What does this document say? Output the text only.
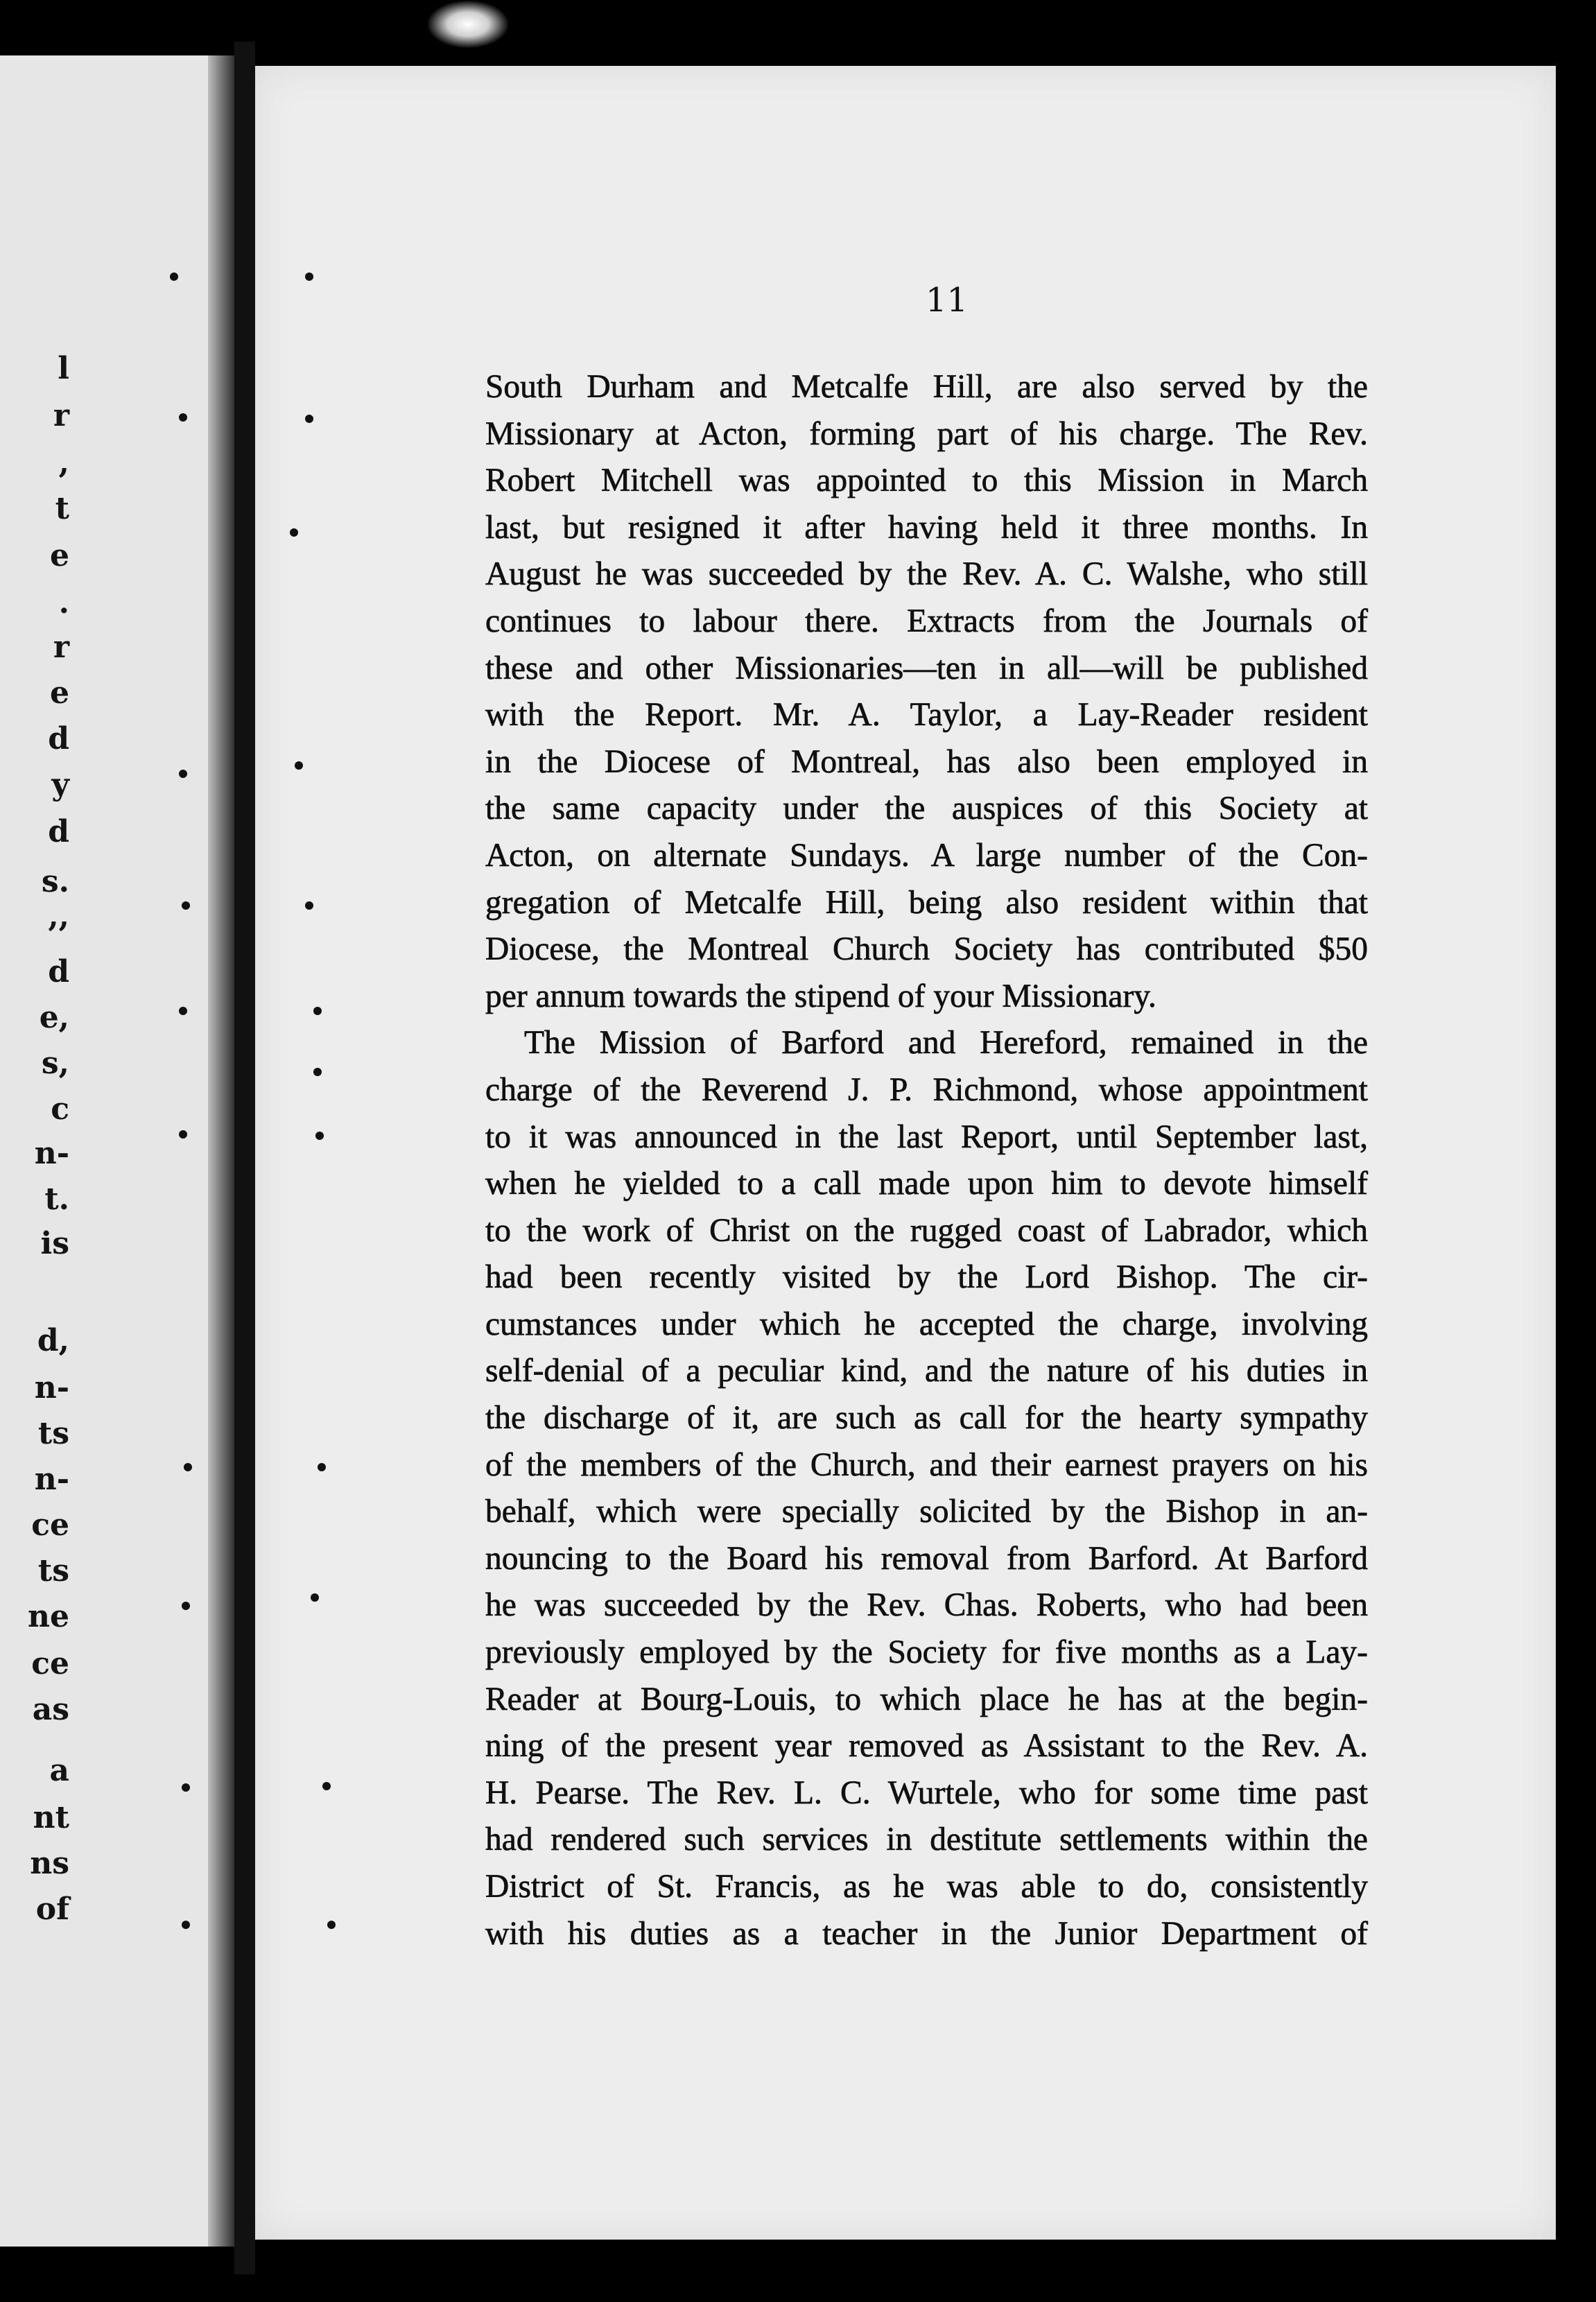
l
r
,
t
e
.
r
e
d
y
d
s.
,,
d
e,
s,
c
n-
t.
is
d,
n-
ts
n-
ce
ts
ne
ce
as
a
nt
ns
of
11
South Durham and Metcalfe Hill, are also served by the
Missionary at Acton, forming part of his charge. The Rev.
Robert Mitchell was appointed to this Mission in March
last, but resigned it after having held it three months. In
August he was succeeded by the Rev. A. C. Walshe, who still
continues to labour there. Extracts from the Journals of
these and other Missionaries—ten in all—will be published
with the Report. Mr. A. Taylor, a Lay-Reader resident
in the Diocese of Montreal, has also been employed in
the same capacity under the auspices of this Society at
Acton, on alternate Sundays. A large number of the Con-
gregation of Metcalfe Hill, being also resident within that
Diocese, the Montreal Church Society has contributed $50
per annum towards the stipend of your Missionary.
The Mission of Barford and Hereford, remained in the
charge of the Reverend J. P. Richmond, whose appointment
to it was announced in the last Report, until September last,
when he yielded to a call made upon him to devote himself
to the work of Christ on the rugged coast of Labrador, which
had been recently visited by the Lord Bishop. The cir-
cumstances under which he accepted the charge, involving
self-denial of a peculiar kind, and the nature of his duties in
the discharge of it, are such as call for the hearty sympathy
of the members of the Church, and their earnest prayers on his
behalf, which were specially solicited by the Bishop in an-
nouncing to the Board his removal from Barford. At Barford
he was succeeded by the Rev. Chas. Roberts, who had been
previously employed by the Society for five months as a Lay-
Reader at Bourg-Louis, to which place he has at the begin-
ning of the present year removed as Assistant to the Rev. A.
H. Pearse. The Rev. L. C. Wurtele, who for some time past
had rendered such services in destitute settlements within the
District of St. Francis, as he was able to do, consistently
with his duties as a teacher in the Junior Department of
